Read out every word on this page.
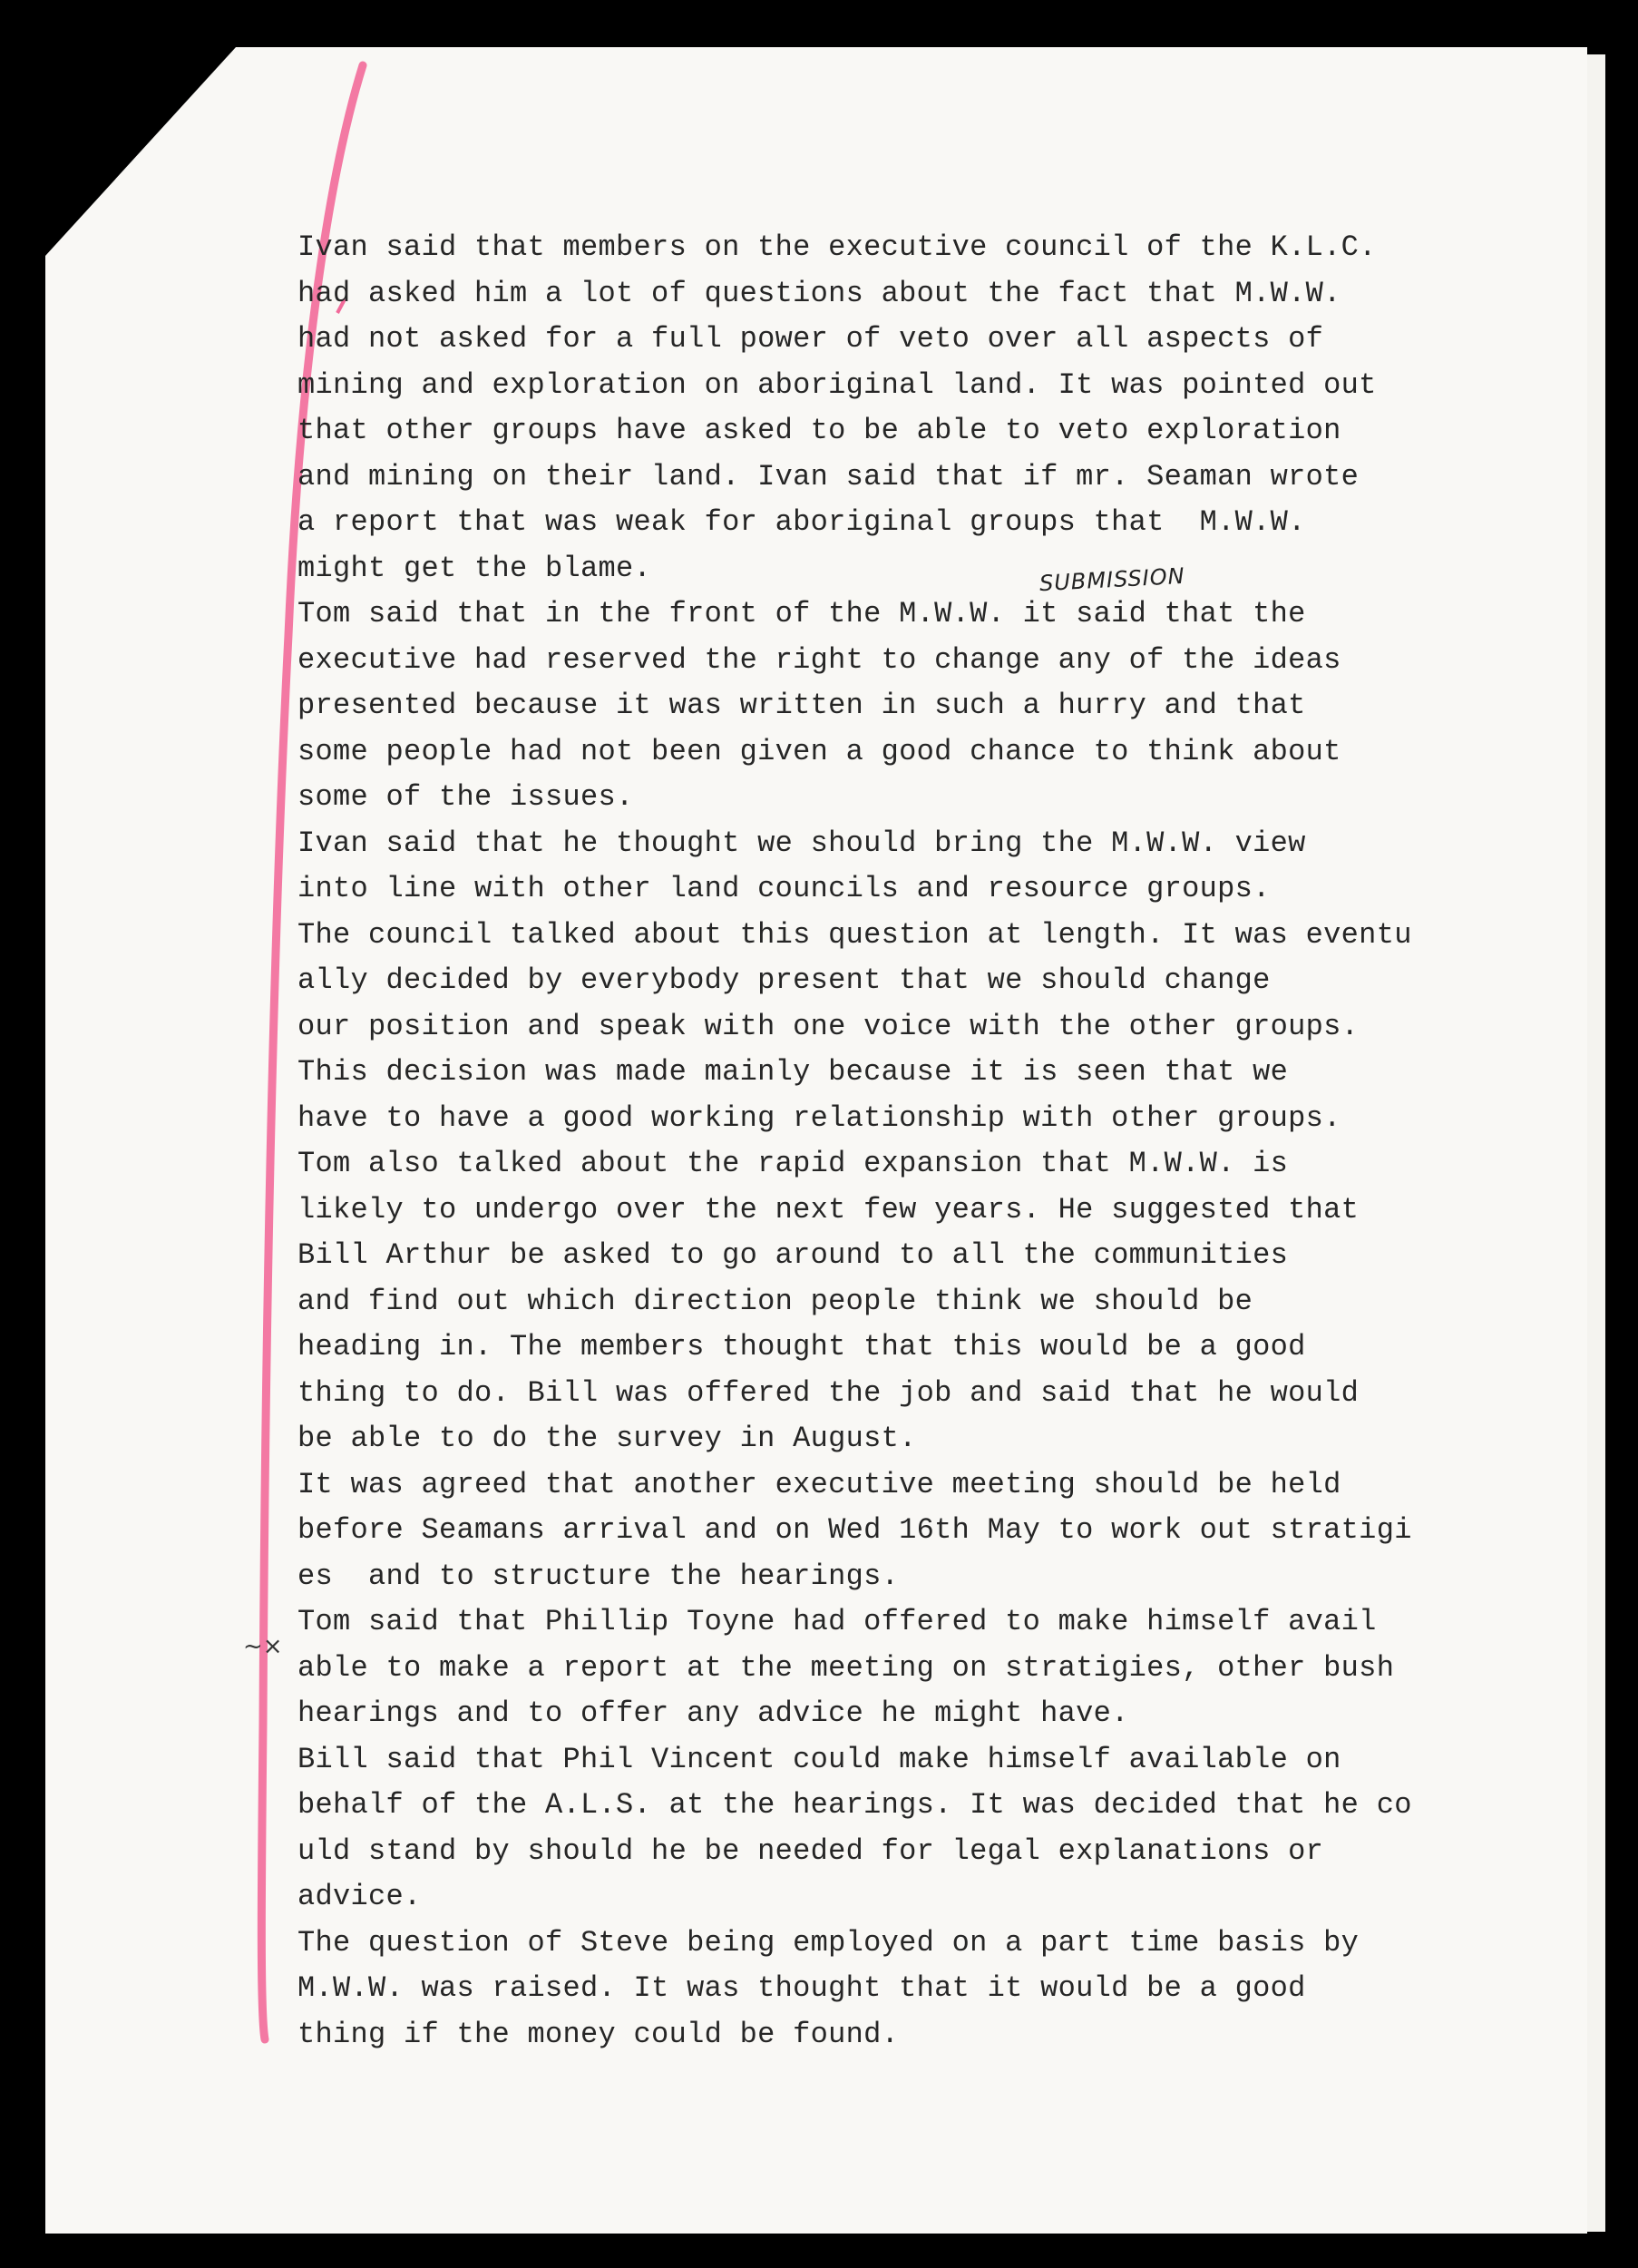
Ivan said that members on the executive council of the K.L.C.
had asked him a lot of questions about the fact that M.W.W.
had not asked for a full power of veto over all aspects of
mining and exploration on aboriginal land. It was pointed out
that other groups have asked to be able to veto exploration
and mining on their land. Ivan said that if mr. Seaman wrote
a report that was weak for aboriginal groups that  M.W.W.
might get the blame.
Tom said that in the front of the M.W.W. it said that the
executive had reserved the right to change any of the ideas
presented because it was written in such a hurry and that
some people had not been given a good chance to think about
some of the issues.
Ivan said that he thought we should bring the M.W.W. view
into line with other land councils and resource groups.
The council talked about this question at length. It was eventu
ally decided by everybody present that we should change
our position and speak with one voice with the other groups.
This decision was made mainly because it is seen that we
have to have a good working relationship with other groups.
Tom also talked about the rapid expansion that M.W.W. is
likely to undergo over the next few years. He suggested that
Bill Arthur be asked to go around to all the communities
and find out which direction people think we should be
heading in. The members thought that this would be a good
thing to do. Bill was offered the job and said that he would
be able to do the survey in August.
It was agreed that another executive meeting should be held
before Seamans arrival and on Wed 16th May to work out stratigi
es  and to structure the hearings.
Tom said that Phillip Toyne had offered to make himself avail
able to make a report at the meeting on stratigies, other bush
hearings and to offer any advice he might have.
Bill said that Phil Vincent could make himself available on
behalf of the A.L.S. at the hearings. It was decided that he co
uld stand by should he be needed for legal explanations or
advice.
The question of Steve being employed on a part time basis by
M.W.W. was raised. It was thought that it would be a good
thing if the money could be found.
SUBMISSION
~×
